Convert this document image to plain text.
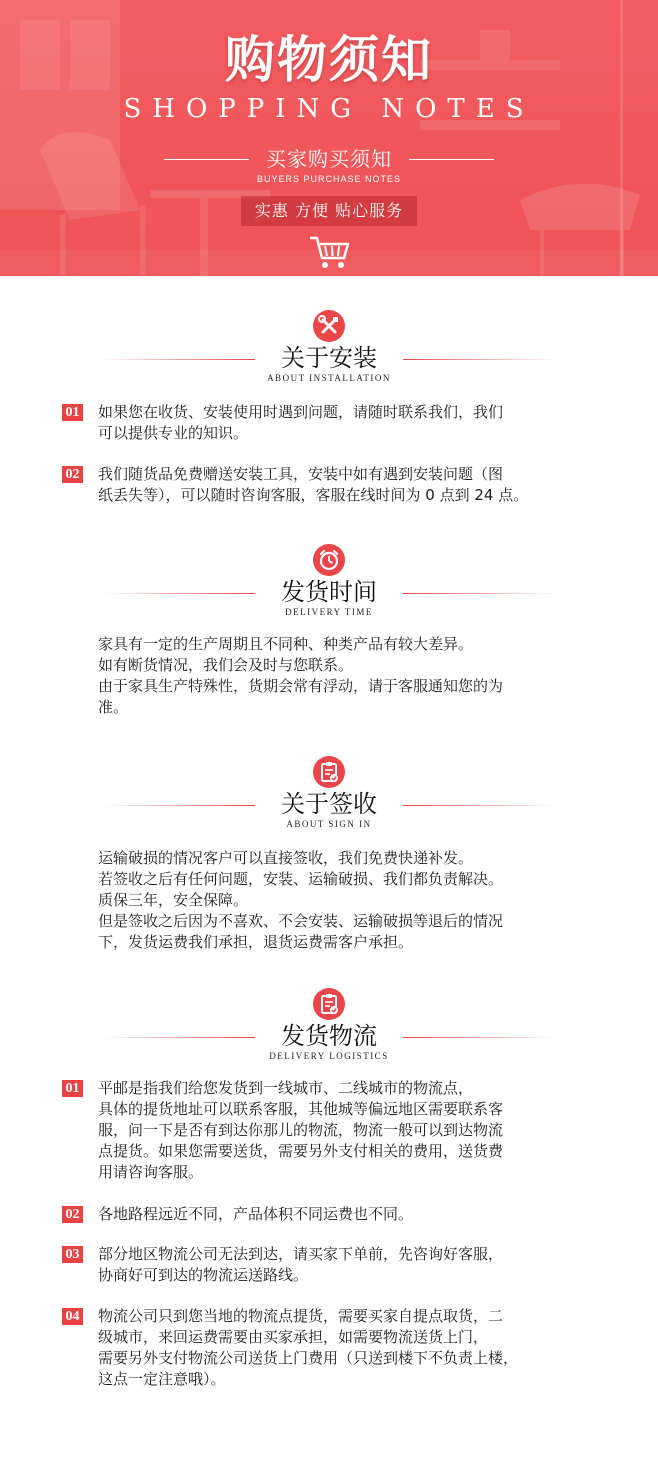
购物须知
SHOPPING NOTES
买家购买须知
BUYERS PURCHASE NOTES
实惠 方便 贴心服务
关于安装
ABOUT INSTALLATION
01 如果您在收货、安装使用时遇到问题，请随时联系我们，我们
可以提供专业的知识。
02 我们随货品免费赠送安装工具，安装中如有遇到安装问题（图
纸丢失等），可以随时咨询客服，客服在线时间为 0 点到 24 点。
发货时间
DELIVERY TIME
家具有一定的生产周期且不同种、种类产品有较大差异。
如有断货情况，我们会及时与您联系。
由于家具生产特殊性，货期会常有浮动，请于客服通知您的为
准。
关于签收
ABOUT SIGN IN
运输破损的情况客户可以直接签收，我们免费快递补发。
若签收之后有任何问题，安装、运输破损、我们都负责解决。
质保三年，安全保障。
但是签收之后因为不喜欢、不会安装、运输破损等退后的情况
下，发货运费我们承担，退货运费需客户承担。
发货物流
DELIVERY LOGISTICS
01 平邮是指我们给您发货到一线城市、二线城市的物流点，
具体的提货地址可以联系客服，其他城等偏远地区需要联系客
服，问一下是否有到达你那儿的物流，物流一般可以到达物流
点提货。如果您需要送货，需要另外支付相关的费用，送货费
用请咨询客服。
02 各地路程远近不同，产品体积不同运费也不同。
03 部分地区物流公司无法到达，请买家下单前，先咨询好客服，
协商好可到达的物流运送路线。
04 物流公司只到您当地的物流点提货，需要买家自提点取货，二
级城市，来回运费需要由买家承担，如需要物流送货上门，
需要另外支付物流公司送货上门费用（只送到楼下不负责上楼，
这点一定注意哦）。
